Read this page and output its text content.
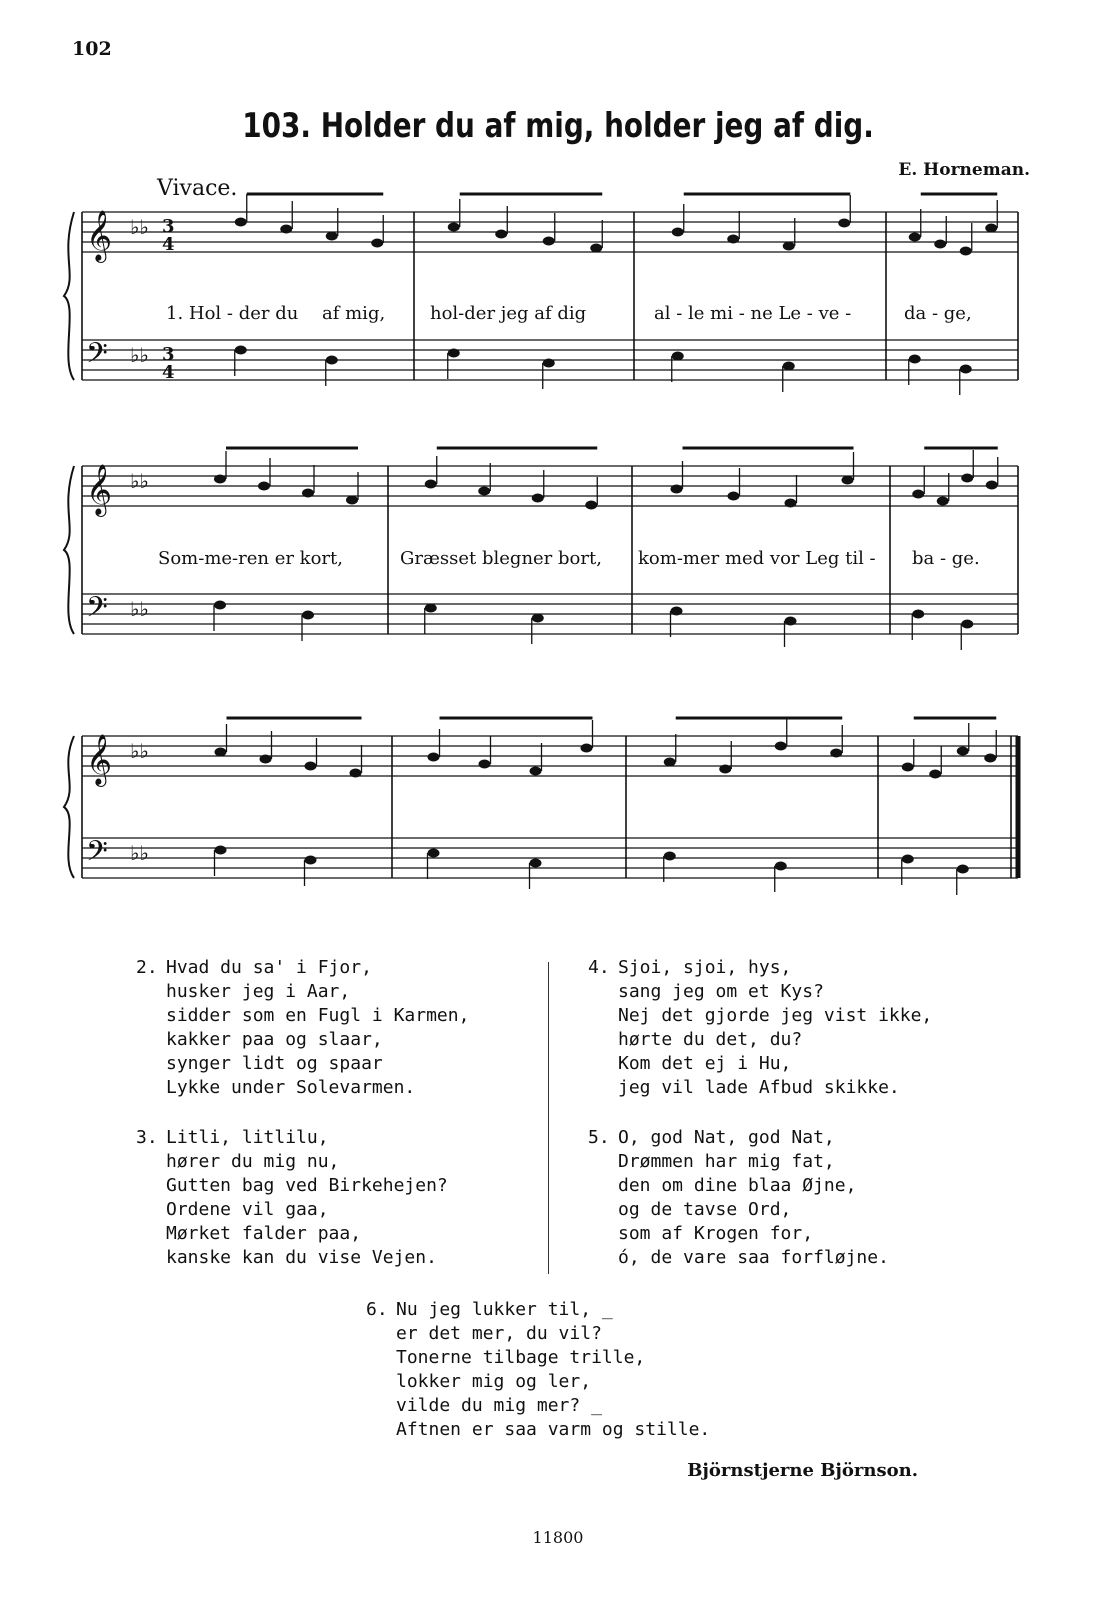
102
103. Holder du af mig, holder jeg af dig.
E. Horneman.
Vivace.
𝄞 ♭♭ 3
4
𝄢 ♭♭ 3
4
𝄞 ♭♭
𝄢 ♭♭
𝄞 ♭♭
𝄢 ♭♭
1. Hol - der du af mig, hol-der jeg af dig	al - le mi - ne Le - ve -	da - ge,
Som-me-ren er kort,	Græsset blegner bort, kom-mer med vor Leg til - ba - ge.
2. Hvad du sa' i Fjor,
husker jeg i Aar,
sidder som en Fugl i Karmen,
kakker paa og slaar,
synger lidt og spaar
Lykke under Solevarmen.
3. Litli, litlilu,
hører du mig nu,
Gutten bag ved Birkehejen?
Ordene vil gaa,
Mørket falder paa,
kanske kan du vise Vejen.
4. Sjoi, sjoi, hys,
sang jeg om et Kys?
Nej det gjorde jeg vist ikke,
hørte du det, du?
Kom det ej i Hu,
jeg vil lade Afbud skikke.
5. O, god Nat, god Nat,
Drømmen har mig fat,
den om dine blaa Øjne,
og de tavse Ord,
som af Krogen for,
ó, de vare saa forfløjne.
6. Nu jeg lukker til, _
er det mer, du vil?
Tonerne tilbage trille,
lokker mig og ler,
vilde du mig mer? _
Aftnen er saa varm og stille.
Björnstjerne Björnson.
11800
